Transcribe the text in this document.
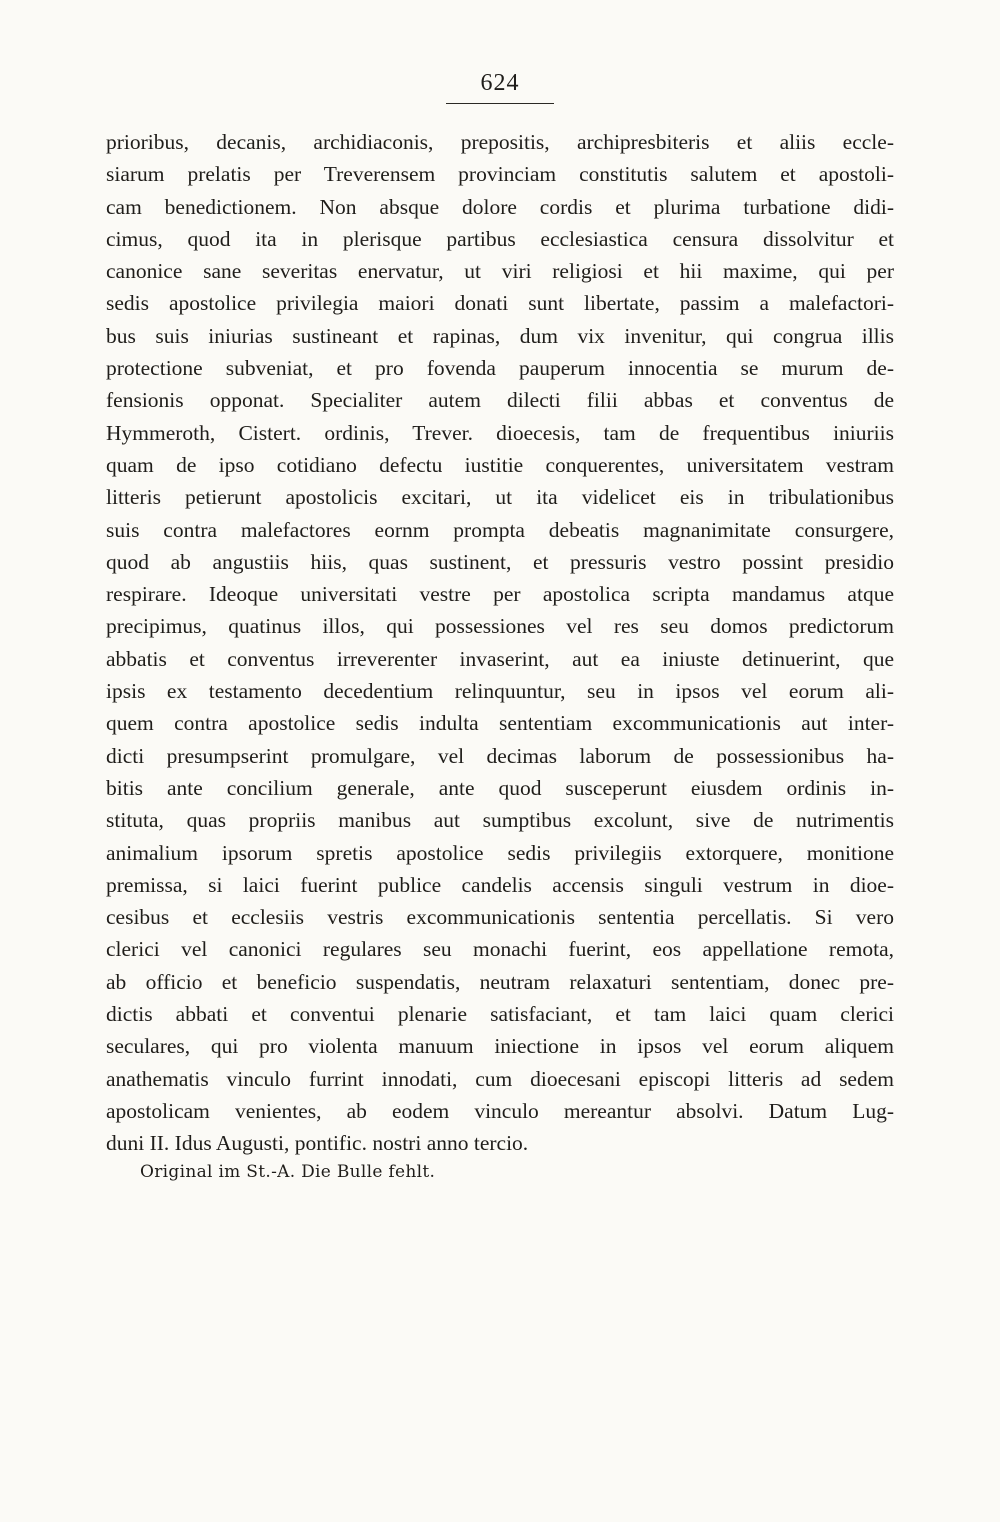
624
prioribus, decanis, archidiaconis, prepositis, archipresbiteris et aliis eccle-
siarum prelatis per Treverensem provinciam constitutis salutem et apostoli-
cam benedictionem. Non absque dolore cordis et plurima turbatione didi-
cimus, quod ita in plerisque partibus ecclesiastica censura dissolvitur et
canonice sane severitas enervatur, ut viri religiosi et hii maxime, qui per
sedis apostolice privilegia maiori donati sunt libertate, passim a malefactori-
bus suis iniurias sustineant et rapinas, dum vix invenitur, qui congrua illis
protectione subveniat, et pro fovenda pauperum innocentia se murum de-
fensionis opponat. Specialiter autem dilecti filii abbas et conventus de
Hymmeroth, Cistert. ordinis, Trever. dioecesis, tam de frequentibus iniuriis
quam de ipso cotidiano defectu iustitie conquerentes, universitatem vestram
litteris petierunt apostolicis excitari, ut ita videlicet eis in tribulationibus
suis contra malefactores eornm prompta debeatis magnanimitate consurgere,
quod ab angustiis hiis, quas sustinent, et pressuris vestro possint presidio
respirare. Ideoque universitati vestre per apostolica scripta mandamus atque
precipimus, quatinus illos, qui possessiones vel res seu domos predictorum
abbatis et conventus irreverenter invaserint, aut ea iniuste detinuerint, que
ipsis ex testamento decedentium relinquuntur, seu in ipsos vel eorum ali-
quem contra apostolice sedis indulta sententiam excommunicationis aut inter-
dicti presumpserint promulgare, vel decimas laborum de possessionibus ha-
bitis ante concilium generale, ante quod susceperunt eiusdem ordinis in-
stituta, quas propriis manibus aut sumptibus excolunt, sive de nutrimentis
animalium ipsorum spretis apostolice sedis privilegiis extorquere, monitione
premissa, si laici fuerint publice candelis accensis singuli vestrum in dioe-
cesibus et ecclesiis vestris excommunicationis sententia percellatis. Si vero
clerici vel canonici regulares seu monachi fuerint, eos appellatione remota,
ab officio et beneficio suspendatis, neutram relaxaturi sententiam, donec pre-
dictis abbati et conventui plenarie satisfaciant, et tam laici quam clerici
seculares, qui pro violenta manuum iniectione in ipsos vel eorum aliquem
anathematis vinculo furrint innodati, cum dioecesani episcopi litteris ad sedem
apostolicam venientes, ab eodem vinculo mereantur absolvi. Datum Lug-
duni II. Idus Augusti, pontific. nostri anno tercio.
Original im St.-A. Die Bulle fehlt.
